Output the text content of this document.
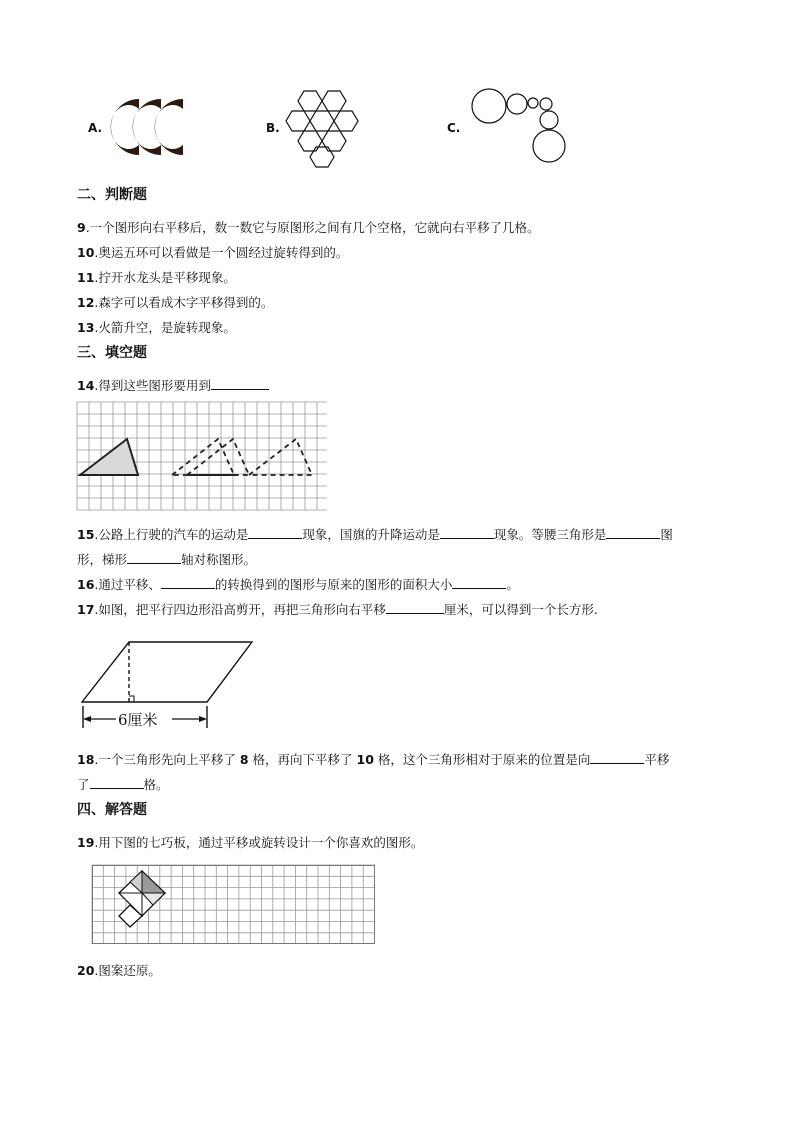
A.	B.	C.
二、判断题
9.一个图形向右平移后，数一数它与原图形之间有几个空格，它就向右平移了几格。
10.奥运五环可以看做是一个圆经过旋转得到的。
11.拧开水龙头是平移现象。
12.森字可以看成木字平移得到的。
13.火箭升空，是旋转现象。
三、填空题
14.得到这些图形要用到
15.公路上行驶的汽车的运动是	现象，国旗的升降运动是	现象。等腰三角形是	图
形，梯形	轴对称图形。
16.通过平移、	的转换得到的图形与原来的图形的面积大小	。
17.如图，把平行四边形沿高剪开，再把三角形向右平移	厘米，可以得到一个长方形.
6厘米
18.一个三角形先向上平移了 8 格，再向下平移了 10 格，这个三角形相对于原来的位置是向	平移
了	格。
四、解答题
19.用下图的七巧板，通过平移或旋转设计一个你喜欢的图形。
20.图案还原。
